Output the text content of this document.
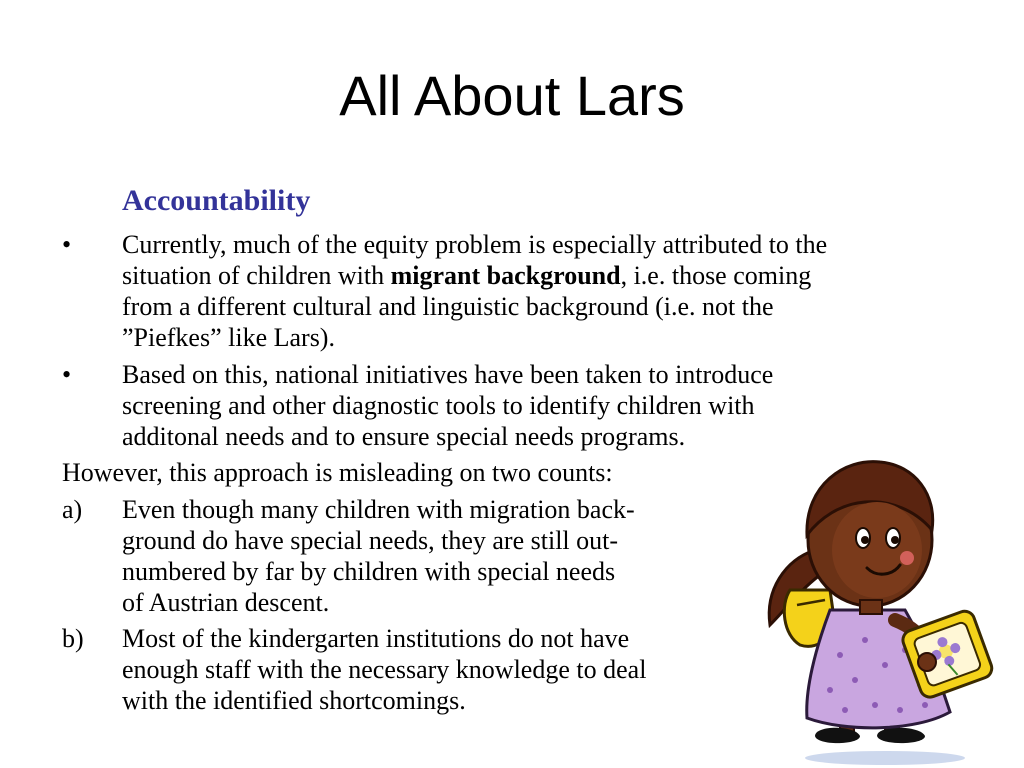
All About Lars
Accountability
• Currently, much of the equity problem is especially attributed to the
situation of children with migrant background, i.e. those coming
from a different cultural and linguistic background (i.e. not the
”Piefkes” like Lars).
• Based on this, national initiatives have been taken to introduce
screening and other diagnostic tools to identify children with
additonal needs and to ensure special needs programs.
However, this approach is misleading on two counts:
a) Even though many children with migration back-
ground do have special needs, they are still out-
numbered by far by children with special needs
of Austrian descent.
b) Most of the kindergarten institutions do not have
enough staff with the necessary knowledge to deal
with the identified shortcomings.
